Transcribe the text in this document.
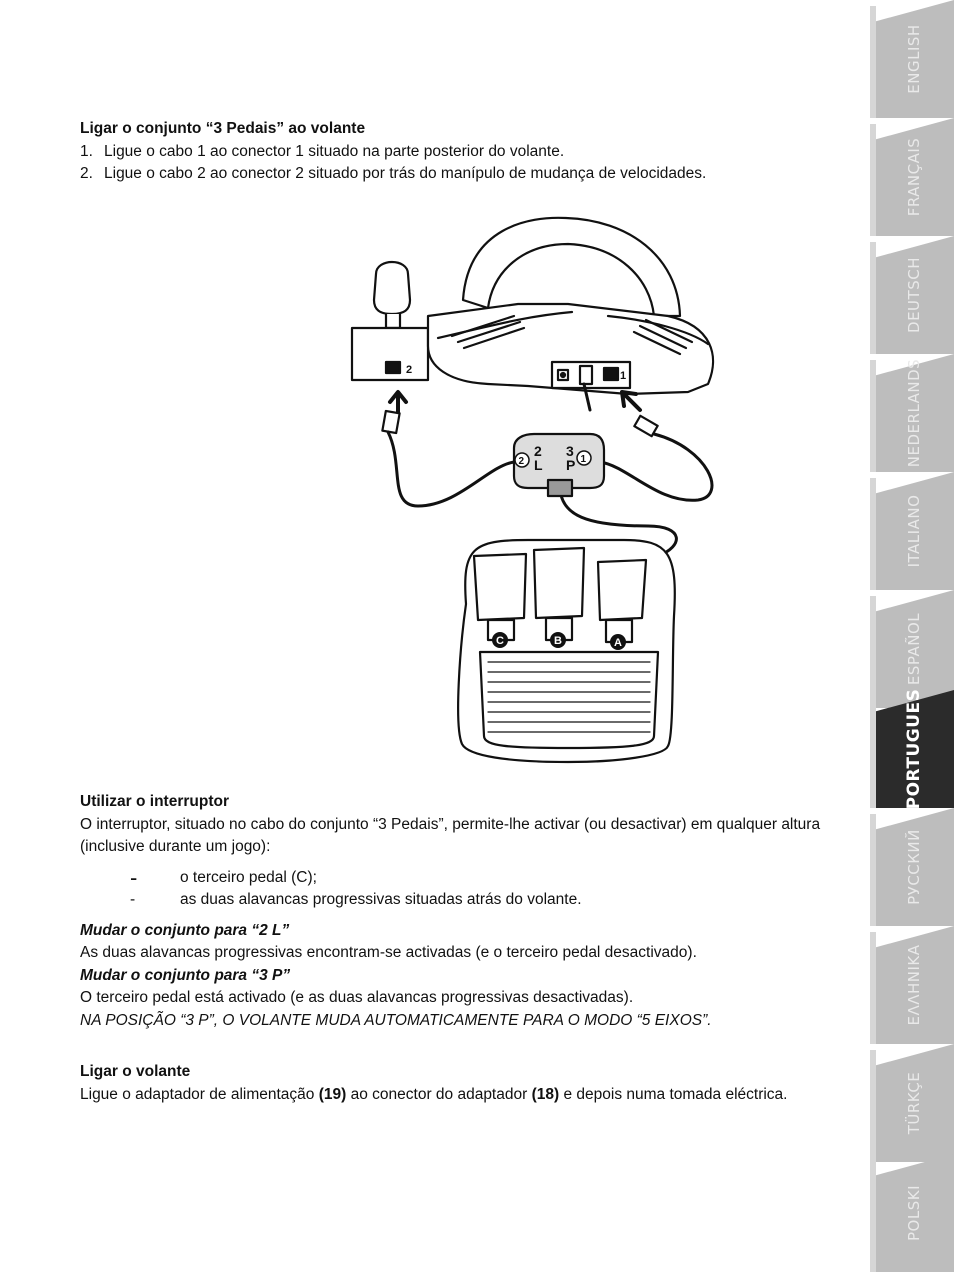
Ligar o conjunto “3 Pedais” ao volante

1. Ligue o cabo 1 ao conector 1 situado na parte posterior do volante.
2. Ligue o cabo 2 ao conector 2 situado por trás do manípulo de mudança de velocidades.
2	1
2
L
3
P
2	1
C	B	A

Utilizar o interruptor

O interruptor, situado no cabo do conjunto “3 Pedais”, permite-lhe activar (ou desactivar) em qualquer altura (inclusive durante um jogo):

-	o terceiro pedal (C);
-	as duas alavancas progressivas situadas atrás do volante.

Mudar o conjunto para “2 L”

As duas alavancas progressivas encontram-se activadas (e o terceiro pedal desactivado).

Mudar o conjunto para “3 P”

O terceiro pedal está activado (e as duas alavancas progressivas desactivadas).

NA POSIÇÃO “3 P”, O VOLANTE MUDA AUTOMATICAMENTE PARA O MODO “5 EIXOS”.

Ligar o volante

Ligue o adaptador de alimentação (19) ao conector do adaptador (18) e depois numa tomada eléctrica.

ENGLISH
FRANÇAIS
DEUTSCH
NEDERLANDS
ITALIANO
ESPAÑOL
PORTUGUES
РУССКИЙ
ΕΛΛΗΝΙΚΑ
TÜRKÇE
POLSKI
